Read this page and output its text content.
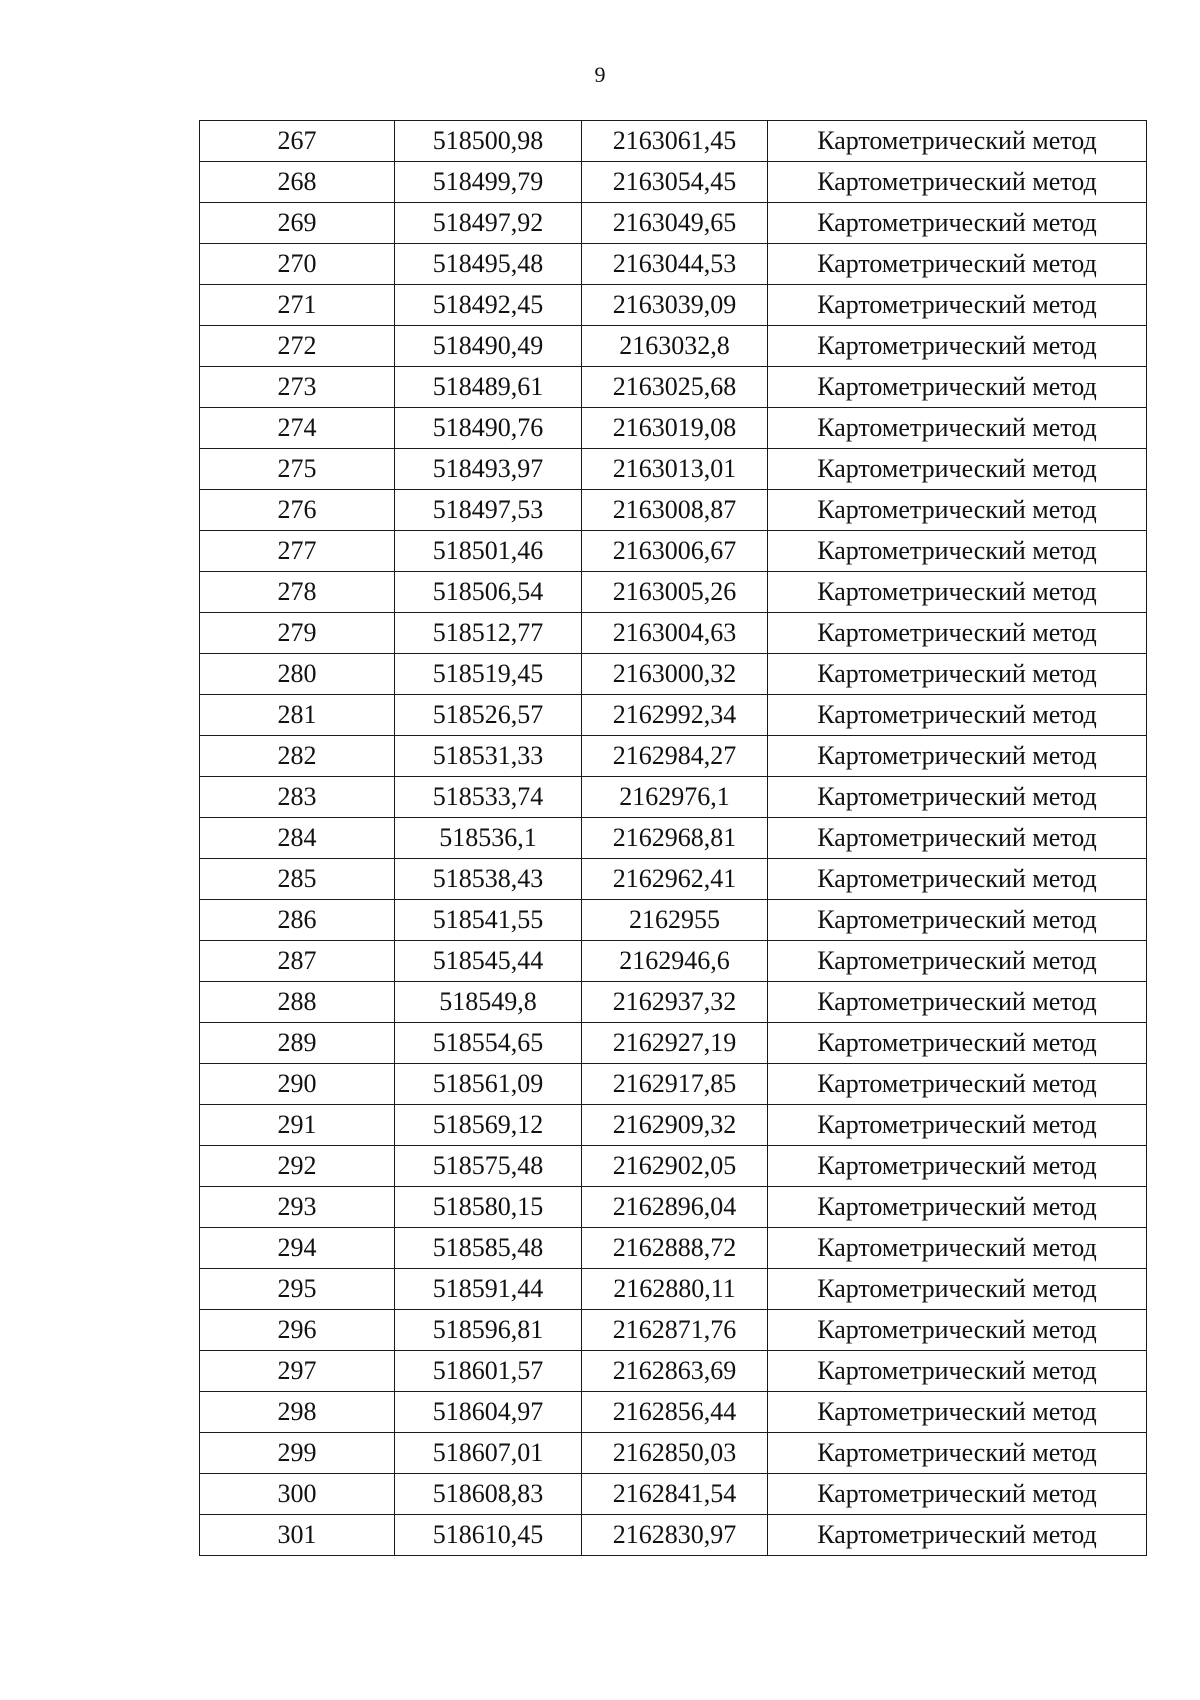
9
267	518500,98	2163061,45	Картометрический метод
268	518499,79	2163054,45	Картометрический метод
269	518497,92	2163049,65	Картометрический метод
270	518495,48	2163044,53	Картометрический метод
271	518492,45	2163039,09	Картометрический метод
272	518490,49	2163032,8	Картометрический метод
273	518489,61	2163025,68	Картометрический метод
274	518490,76	2163019,08	Картометрический метод
275	518493,97	2163013,01	Картометрический метод
276	518497,53	2163008,87	Картометрический метод
277	518501,46	2163006,67	Картометрический метод
278	518506,54	2163005,26	Картометрический метод
279	518512,77	2163004,63	Картометрический метод
280	518519,45	2163000,32	Картометрический метод
281	518526,57	2162992,34	Картометрический метод
282	518531,33	2162984,27	Картометрический метод
283	518533,74	2162976,1	Картометрический метод
284	518536,1	2162968,81	Картометрический метод
285	518538,43	2162962,41	Картометрический метод
286	518541,55	2162955	Картометрический метод
287	518545,44	2162946,6	Картометрический метод
288	518549,8	2162937,32	Картометрический метод
289	518554,65	2162927,19	Картометрический метод
290	518561,09	2162917,85	Картометрический метод
291	518569,12	2162909,32	Картометрический метод
292	518575,48	2162902,05	Картометрический метод
293	518580,15	2162896,04	Картометрический метод
294	518585,48	2162888,72	Картометрический метод
295	518591,44	2162880,11	Картометрический метод
296	518596,81	2162871,76	Картометрический метод
297	518601,57	2162863,69	Картометрический метод
298	518604,97	2162856,44	Картометрический метод
299	518607,01	2162850,03	Картометрический метод
300	518608,83	2162841,54	Картометрический метод
301	518610,45	2162830,97	Картометрический метод
